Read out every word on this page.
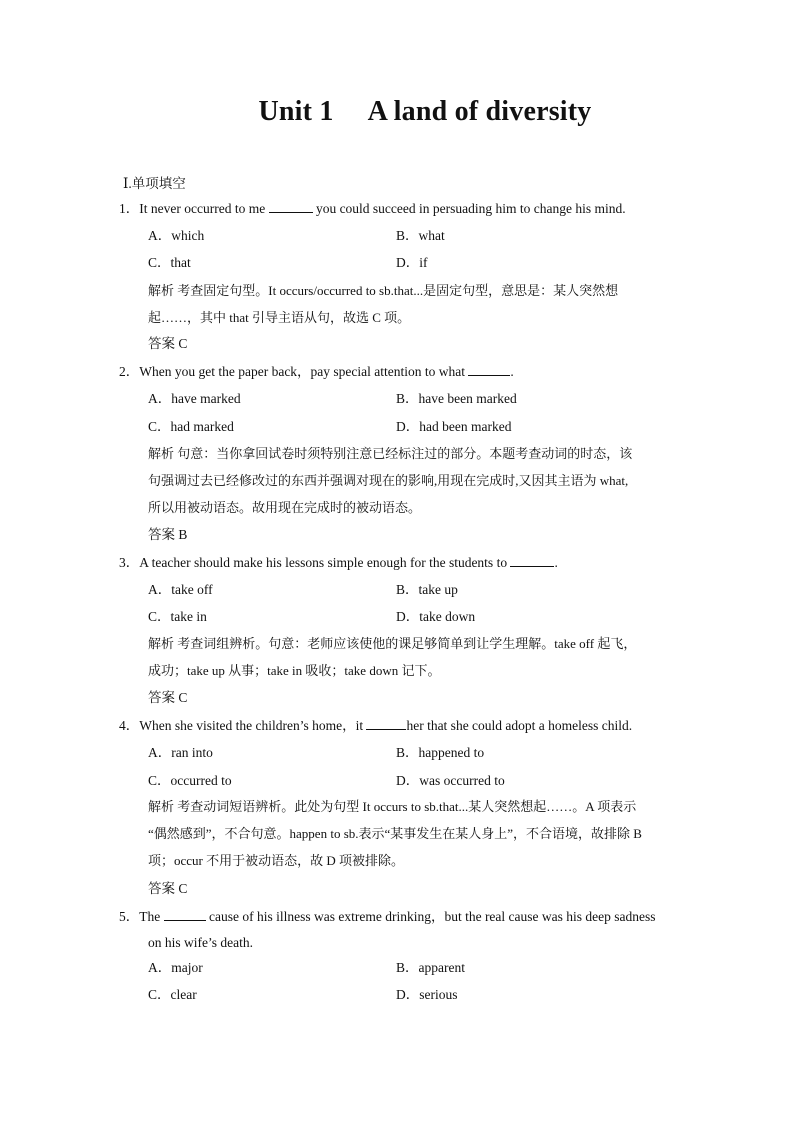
Unit 1 A land of diversity
Ⅰ.单项填空
1．It never occurred to me	you could succeed in persuading him to change his mind.
A．which	B．what
C．that	D．if

解析 考查固定句型。It occurs/occurred to sb.that...是固定句型，意思是：某人突然想

起……，其中 that 引导主语从句，故选 C 项。

答案 C
2．When you get the paper back，pay special attention to what	.
A．have marked	B．have been marked
C．had marked	D．had been marked

解析 句意：当你拿回试卷时须特别注意已经标注过的部分。本题考查动词的时态，该

句强调过去已经修改过的东西并强调对现在的影响,用现在完成时,又因其主语为 what,

所以用被动语态。故用现在完成时的被动语态。

答案 B
3．A teacher should make his lessons simple enough for the students to	.
A．take off	B．take up
C．take in	D．take down

解析 考查词组辨析。句意：老师应该使他的课足够简单到让学生理解。take off 起飞，

成功；take up 从事；take in 吸收；take down 记下。

答案 C
4．When she visited the children’s home，it	her that she could adopt a homeless child.
A．ran into	B．happened to
C．occurred to	D．was occurred to

解析 考查动词短语辨析。此处为句型 It occurs to sb.that...某人突然想起……。A 项表示

“偶然感到”，不合句意。happen to sb.表示“某事发生在某人身上”，不合语境，故排除 B

项；occur 不用于被动语态，故 D 项被排除。

答案 C
5．The	cause of his illness was extreme drinking，but the real cause was his deep sadness
on his wife’s death.
A．major	B．apparent
C．clear	D．serious
